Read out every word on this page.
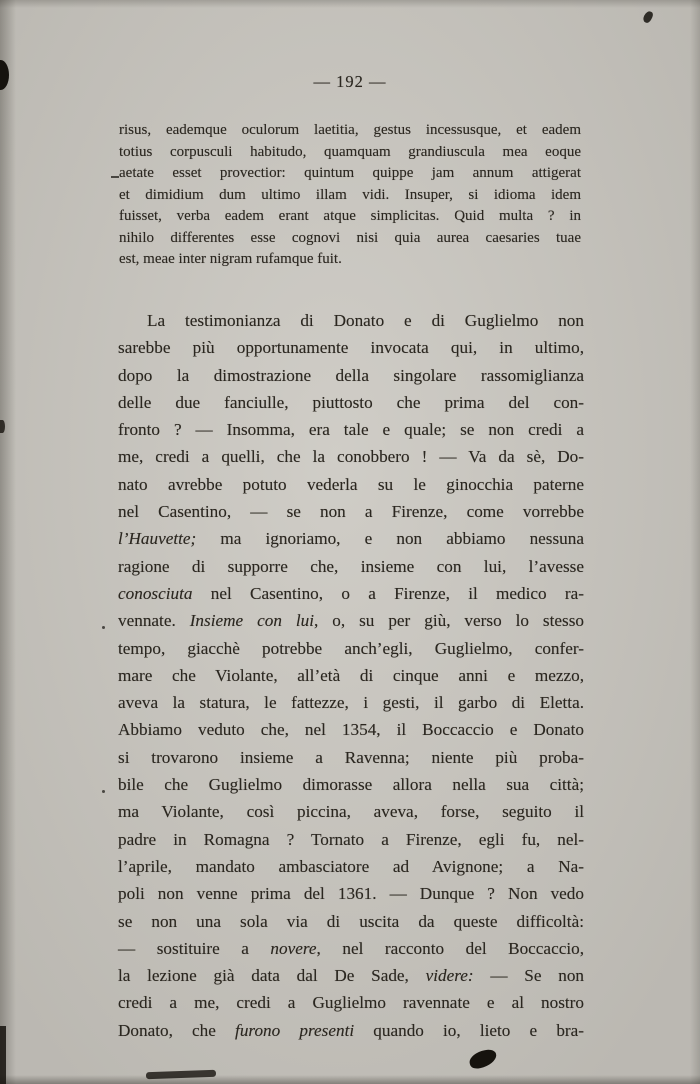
— 192 —
risus, eademque oculorum laetitia, gestus incessusque, et eadem
totius corpusculi habitudo, quamquam grandiuscula mea eoque
aetate esset provectior: quintum quippe jam annum attigerat
et dimidium dum ultimo illam vidi. Insuper, si idioma idem
fuisset, verba eadem erant atque simplicitas. Quid multa ? in
nihilo differentes esse cognovi nisi quia aurea caesaries tuae
est, meae inter nigram rufamque fuit.
La testimonianza di Donato e di Guglielmo non
sarebbe più opportunamente invocata qui, in ultimo,
dopo la dimostrazione della singolare rassomiglianza
delle due fanciulle, piuttosto che prima del con-
fronto ? — Insomma, era tale e quale; se non credi a
me, credi a quelli, che la conobbero ! — Va da sè, Do-
nato avrebbe potuto vederla su le ginocchia paterne
nel Casentino, — se non a Firenze, come vorrebbe
l’Hauvette; ma ignoriamo, e non abbiamo nessuna
ragione di supporre che, insieme con lui, l’avesse
conosciuta nel Casentino, o a Firenze, il medico ra-
vennate. Insieme con lui, o, su per giù, verso lo stesso
tempo, giacchè potrebbe anch’egli, Guglielmo, confer-
mare che Violante, all’età di cinque anni e mezzo,
aveva la statura, le fattezze, i gesti, il garbo di Eletta.
Abbiamo veduto che, nel 1354, il Boccaccio e Donato
si trovarono insieme a Ravenna; niente più proba-
bile che Guglielmo dimorasse allora nella sua città;
ma Violante, così piccina, aveva, forse, seguito il
padre in Romagna ? Tornato a Firenze, egli fu, nel-
l’aprile, mandato ambasciatore ad Avignone; a Na-
poli non venne prima del 1361. — Dunque ? Non vedo
se non una sola via di uscita da queste difficoltà:
— sostituire a novere, nel racconto del Boccaccio,
la lezione già data dal De Sade, videre: — Se non
credi a me, credi a Guglielmo ravennate e al nostro
Donato, che furono presenti quando io, lieto e bra-
